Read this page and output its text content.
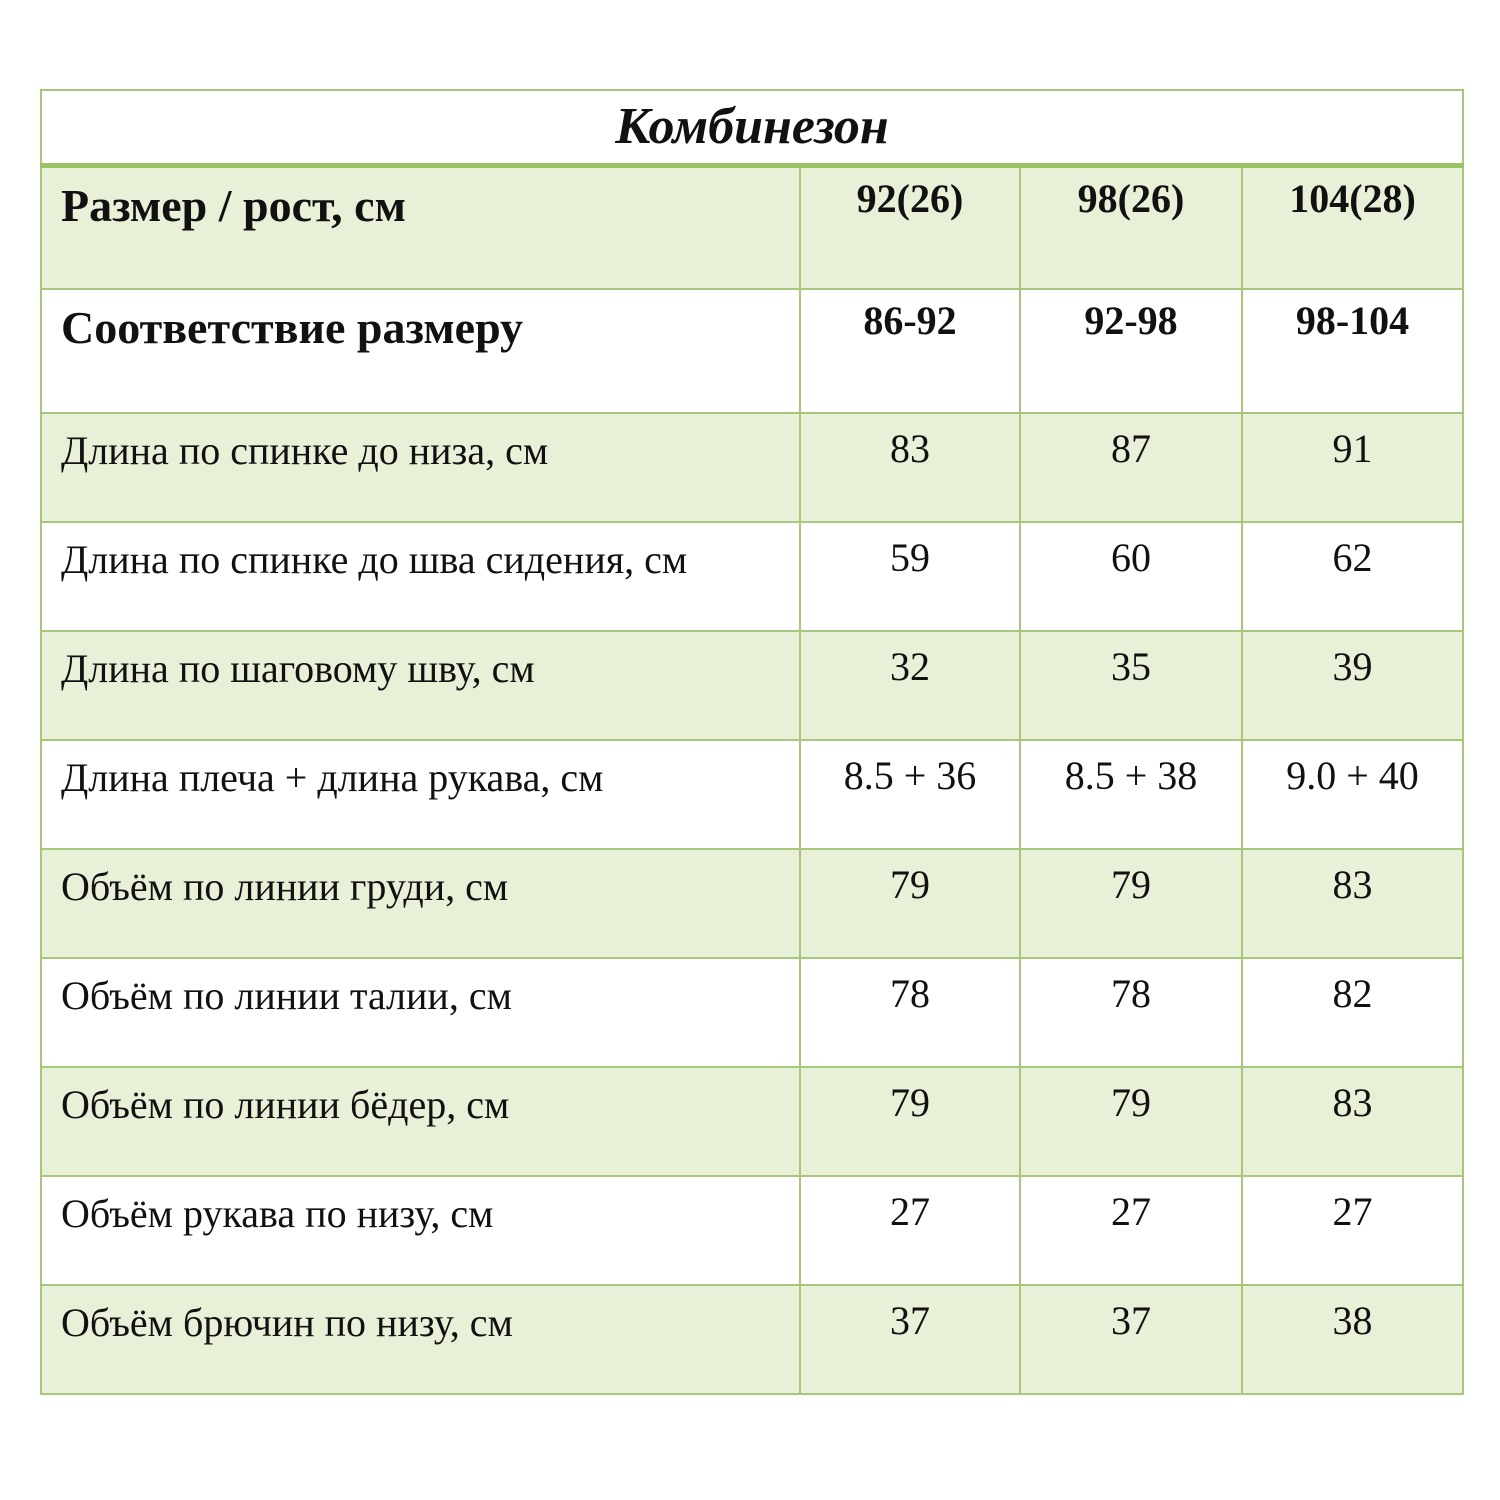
Комбинезон			
Размер / рост, см	92(26)	98(26)	104(28)
Соответствие размеру	86-92	92-98	98-104
Длина по спинке до низа, см	83	87	91
Длина по спинке до шва сидения, см	59	60	62
Длина по шаговому шву, см	32	35	39
Длина плеча + длина рукава, см	8.5 + 36	8.5 + 38	9.0 + 40
Объём по линии груди, см	79	79	83
Объём по линии талии, см	78	78	82
Объём по линии бёдер, см	79	79	83
Объём рукава по низу, см	27	27	27
Объём брючин по низу, см	37	37	38
